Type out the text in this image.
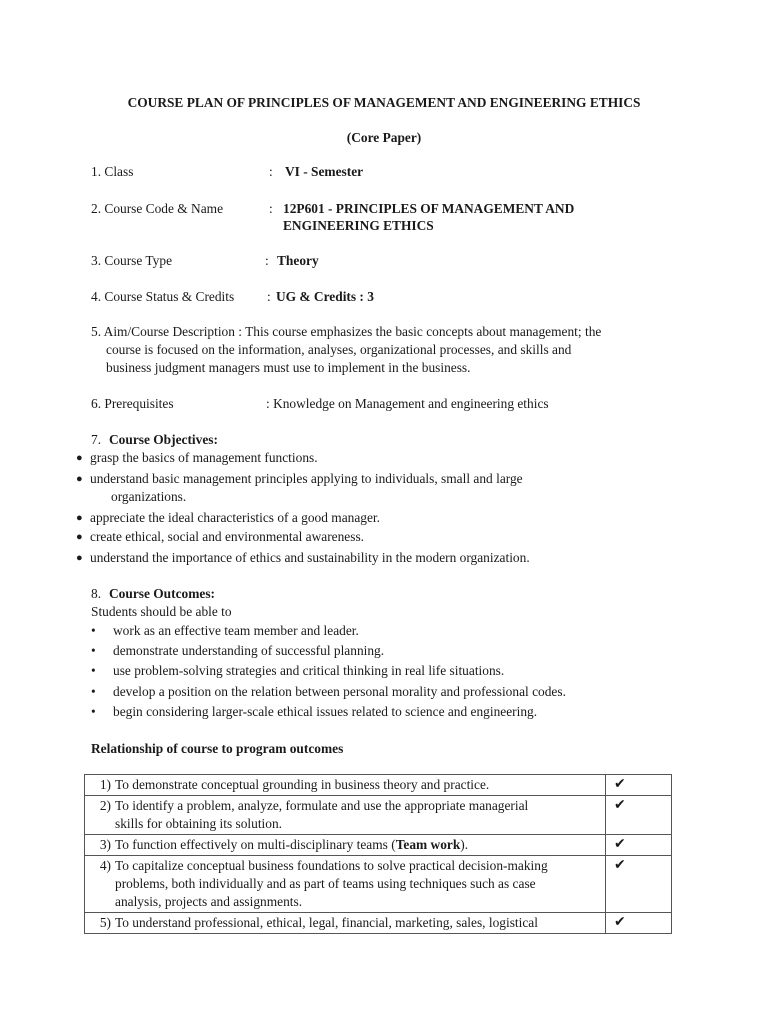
COURSE PLAN OF PRINCIPLES OF MANAGEMENT AND ENGINEERING ETHICS
(Core Paper)
1. Class	: VI - Semester
2. Course Code & Name	: 12P601 - PRINCIPLES OF MANAGEMENT AND
ENGINEERING ETHICS
3. Course Type	: Theory
4. Course Status & Credits : UG & Credits : 3
5. Aim/Course Description : This course emphasizes the basic concepts about management; the
course is focused on the information, analyses, organizational processes, and skills and
business judgment managers must use to implement in the business.
6. Prerequisites	: Knowledge on Management and engineering ethics
7. Course Objectives:
● grasp the basics of management functions.
● understand basic management principles applying to individuals, small and large
organizations.
● appreciate the ideal characteristics of a good manager.
● create ethical, social and environmental awareness.
● understand the importance of ethics and sustainability in the modern organization.
8. Course Outcomes:
Students should be able to
• work as an effective team member and leader.
• demonstrate understanding of successful planning.
• use problem-solving strategies and critical thinking in real life situations.
• develop a position on the relation between personal morality and professional codes.
• begin considering larger-scale ethical issues related to science and engineering.
Relationship of course to program outcomes
1) To demonstrate conceptual grounding in business theory and practice.	✔

2) To identify a problem, analyze, formulate and use the appropriate managerial
skills for obtaining its solution.	✔

3) To function effectively on multi-disciplinary teams (Team work).	✔

4) To capitalize conceptual business foundations to solve practical decision-making
problems, both individually and as part of teams using techniques such as case
analysis, projects and assignments.	✔

5) To understand professional, ethical, legal, financial, marketing, sales, logistical	✔
